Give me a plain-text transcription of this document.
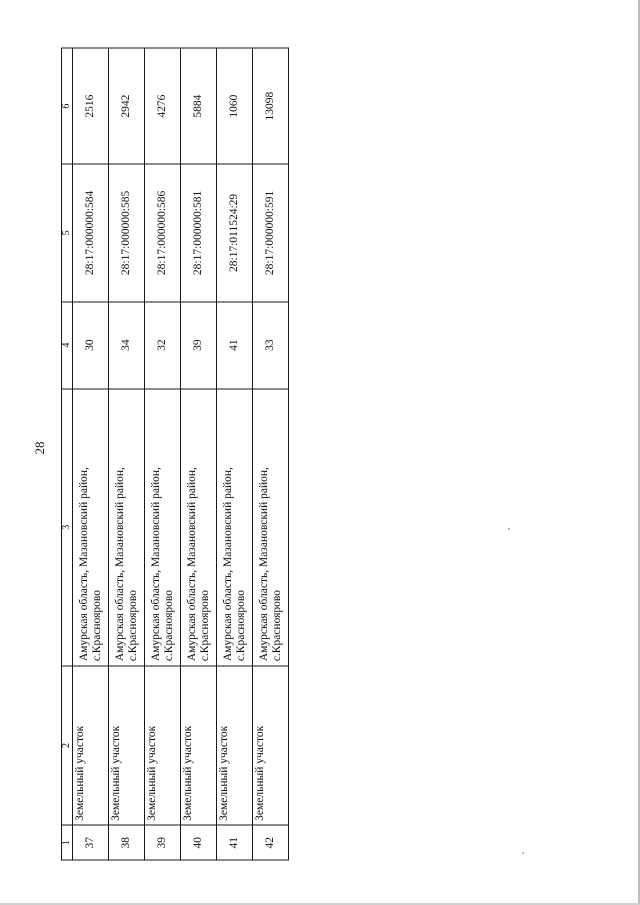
28
1	2	3	4	5	6
37	Земельный участок	Амурская область, Мазановский район, с.Красноярово	30	28:17:000000:584	2516
38	Земельный участок	Амурская область, Мазановский район, с.Красноярово	34	28:17:000000:585	2942
39	Земельный участок	Амурская область, Мазановский район, с.Красноярово	32	28:17:000000:586	4276
40	Земельный участок	Амурская область, Мазановский район, с.Красноярово	39	28:17:000000:581	5884
41	Земельный участок	Амурская область, Мазановский район, с.Красноярово	41	28:17:011524:29	1060
42	Земельный участок	Амурская область, Мазановский район, с.Красноярово	33	28:17:000000:591	13098
